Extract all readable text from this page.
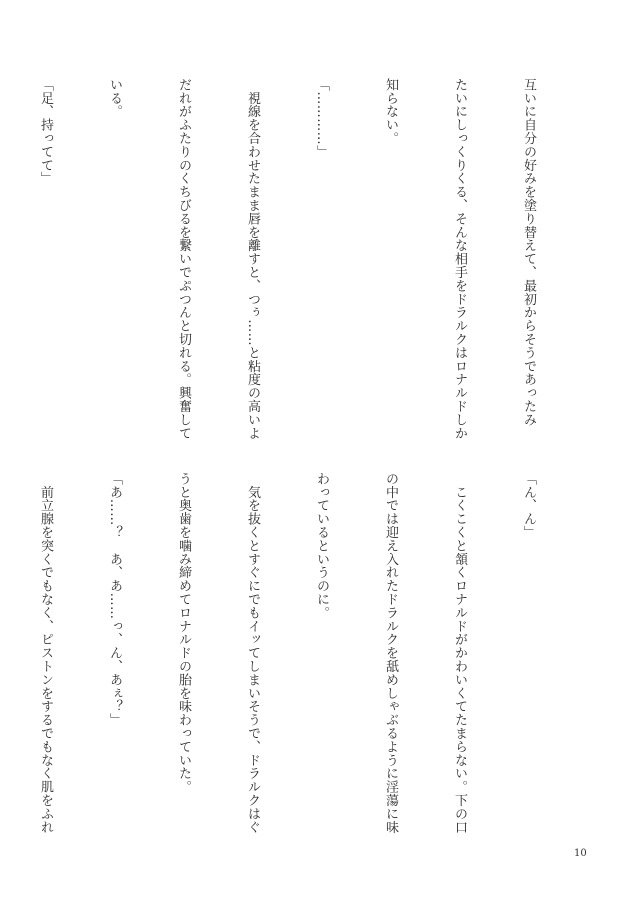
互いに自分の好みを塗り替えて、最初からそうであったみ

たいにしっくりくる、そんな相手をドラルクはロナルドしか

知らない。

「…………」

　視線を合わせたまま唇を離すと、つぅ……と粘度の高いよ

だれがふたりのくちびるを繋いでぷつんと切れる。興奮して

いる。

「足、持ってて」

「ん、ん」

　こくこくと頷くロナルドがかわいくてたまらない。下の口

の中では迎え入れたドラルクを舐めしゃぶるように淫蕩に味

わっているというのに。

　気を抜くとすぐにでもイッてしまいそうで、ドラルクはぐ

うと奥歯を噛み締めてロナルドの胎を味わっていた。

「あ……？　あ、あ……っ、ん、あぇ？」

　前立腺を突くでもなく、ピストンをするでもなく肌をふれ

10
